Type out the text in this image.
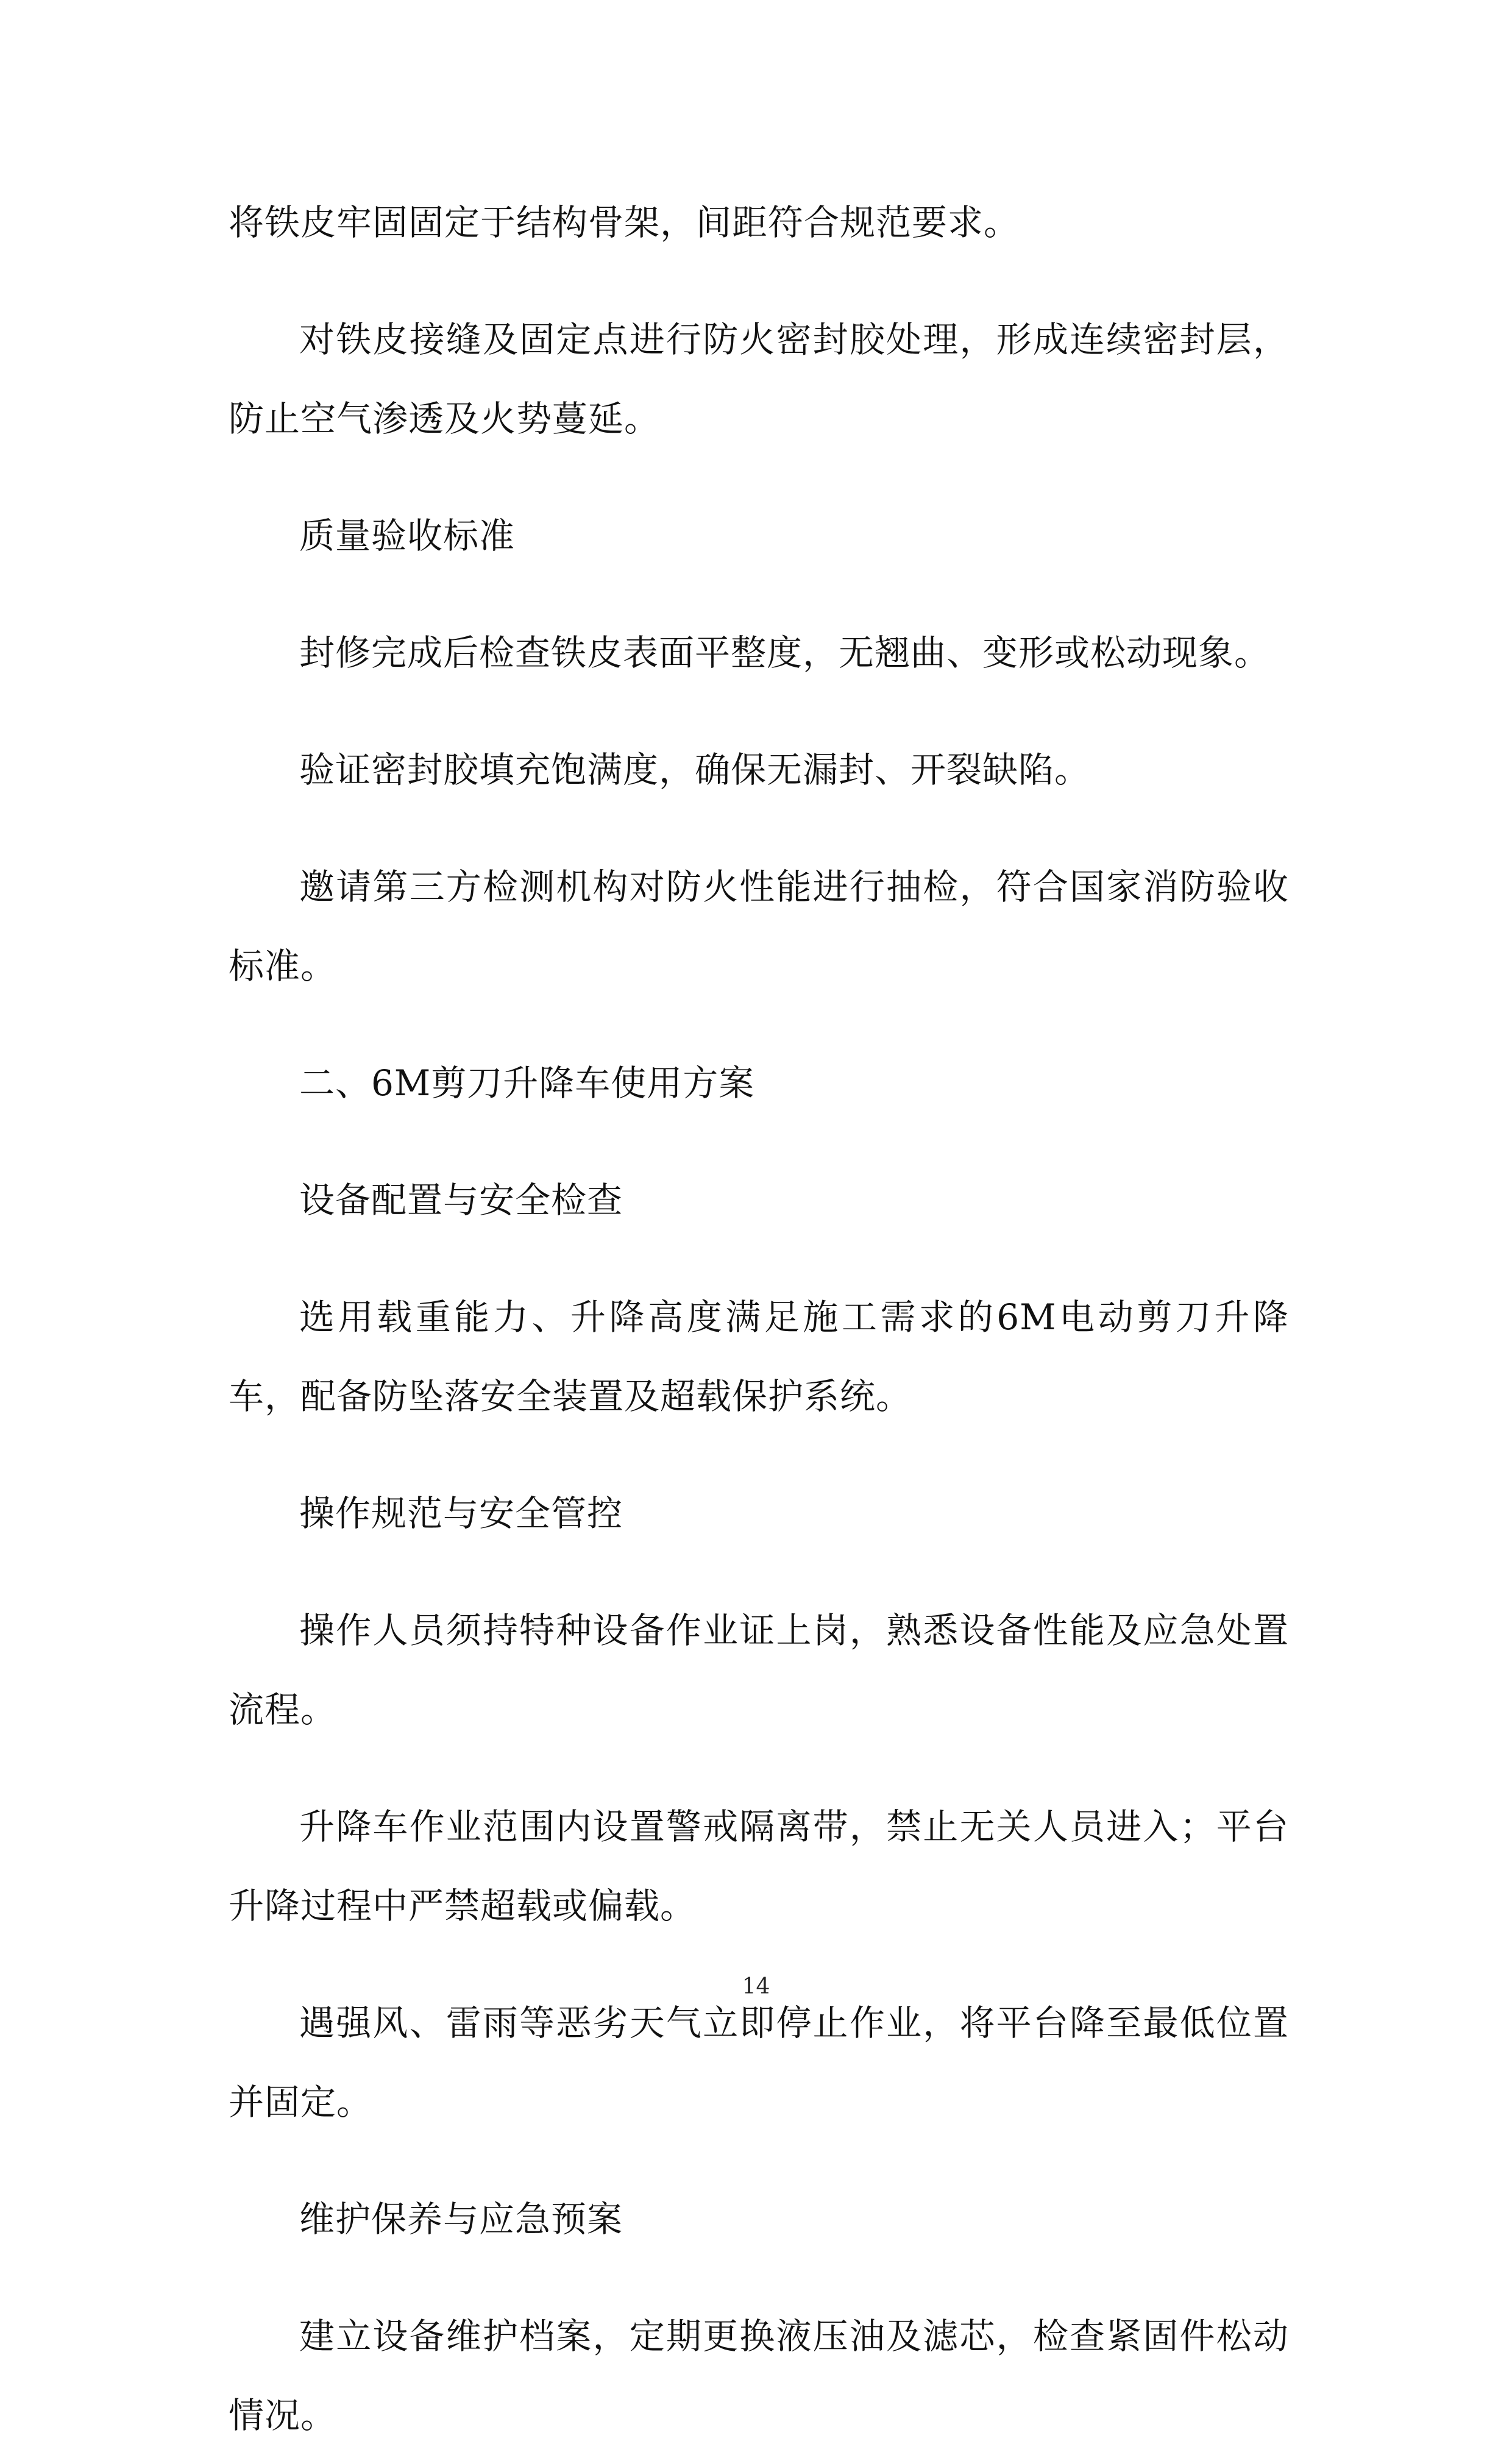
将铁皮牢固固定于结构骨架，间距符合规范要求。

对铁皮接缝及固定点进行防火密封胶处理，形成连续密封层，防止空气渗透及火势蔓延。

质量验收标准

封修完成后检查铁皮表面平整度，无翘曲、变形或松动现象。

验证密封胶填充饱满度，确保无漏封、开裂缺陷。

邀请第三方检测机构对防火性能进行抽检，符合国家消防验收标准。

二、6M剪刀升降车使用方案

设备配置与安全检查

选用载重能力、升降高度满足施工需求的6M电动剪刀升降车，配备防坠落安全装置及超载保护系统。

操作规范与安全管控

操作人员须持特种设备作业证上岗，熟悉设备性能及应急处置流程。

升降车作业范围内设置警戒隔离带，禁止无关人员进入；平台升降过程中严禁超载或偏载。

遇强风、雷雨等恶劣天气立即停止作业，将平台降至最低位置并固定。

维护保养与应急预案

建立设备维护档案，定期更换液压油及滤芯，检查紧固件松动情况。

14
